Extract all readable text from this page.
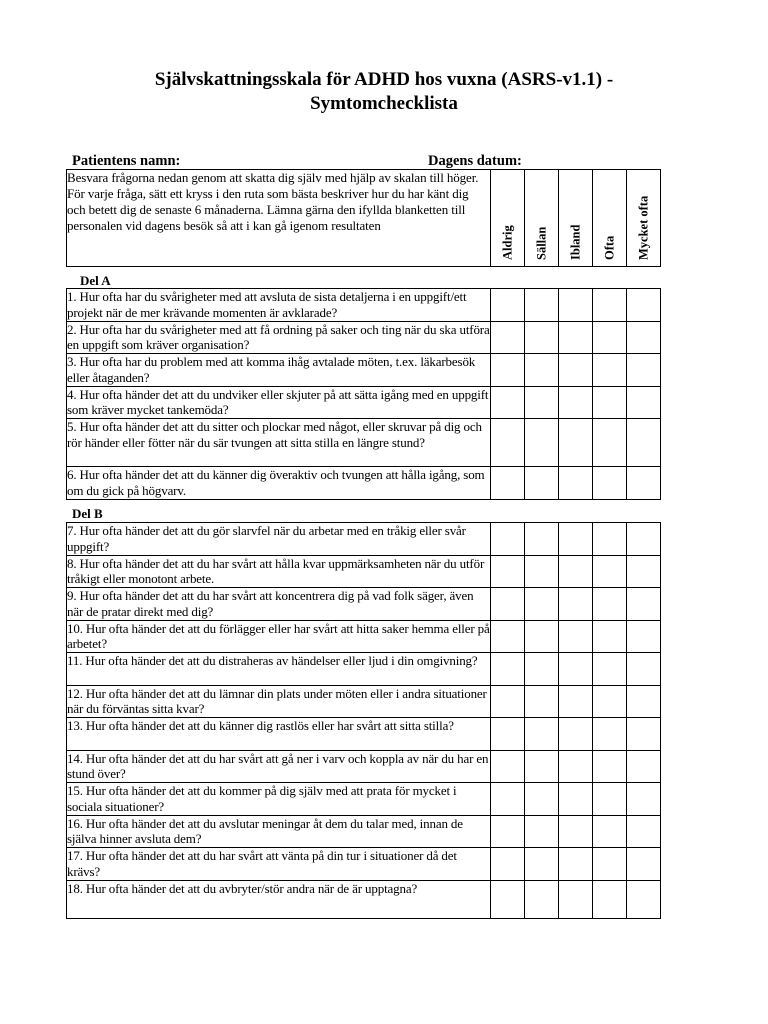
Självskattningsskala för ADHD hos vuxna (ASRS-v1.1) -
Symtomchecklista
Patientens namn:	Dagens datum:
Besvara frågorna nedan genom att skatta dig själv med hjälp av skalan till höger. För varje fråga, sätt ett kryss i den ruta som bästa beskriver hur du har känt dig och betett dig de senaste 6 månaderna. Lämna gärna den ifyllda blanketten till personalen vid dagens besök så att i kan gå igenom resultaten	Aldrig	Sällan	Ibland	Ofta	Mycket ofta
Del A
1. Hur ofta har du svårigheter med att avsluta de sista detaljerna i en uppgift/ett projekt när de mer krävande momenten är avklarade?					
2. Hur ofta har du svårigheter med att få ordning på saker och ting när du ska utföra en uppgift som kräver organisation?					
3. Hur ofta har du problem med att komma ihåg avtalade möten, t.ex. läkarbesök eller åtaganden?					
4. Hur ofta händer det att du undviker eller skjuter på att sätta igång med en uppgift som kräver mycket tankemöda?					
5. Hur ofta händer det att du sitter och plockar med något, eller skruvar på dig och rör händer eller fötter när du sär tvungen att sitta stilla en längre stund?					
6. Hur ofta händer det att du känner dig överaktiv och tvungen att hålla igång, som om du gick på högvarv.					
Del B
7. Hur ofta händer det att du gör slarvfel när du arbetar med en tråkig eller svår uppgift?					
8. Hur ofta händer det att du har svårt att hålla kvar uppmärksamheten när du utför tråkigt eller monotont arbete.					
9. Hur ofta händer det att du har svårt att koncentrera dig på vad folk säger, även när de pratar direkt med dig?					
10. Hur ofta händer det att du förlägger eller har svårt att hitta saker hemma eller på arbetet?					
11. Hur ofta händer det att du distraheras av händelser eller ljud i din omgivning?					
12. Hur ofta händer det att du lämnar din plats under möten eller i andra situationer när du förväntas sitta kvar?					
13. Hur ofta händer det att du känner dig rastlös eller har svårt att sitta stilla?					
14. Hur ofta händer det att du har svårt att gå ner i varv och koppla av när du har en stund över?					
15. Hur ofta händer det att du kommer på dig själv med att prata för mycket i sociala situationer?					
16. Hur ofta händer det att du avslutar meningar åt dem du talar med, innan de själva hinner avsluta dem?					
17. Hur ofta händer det att du har svårt att vänta på din tur i situationer då det krävs?					
18. Hur ofta händer det att du avbryter/stör andra när de är upptagna?					
